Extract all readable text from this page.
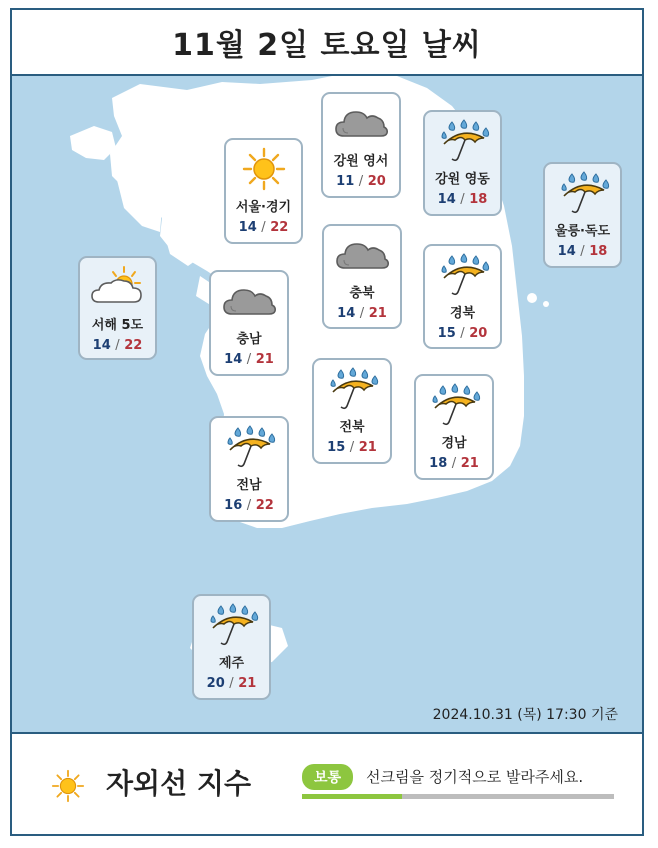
11월 2일 토요일 날씨
서해 5도
14 / 22
서울·경기
14 / 22
강원 영서
11 / 20	강원 영동
14 / 18
울릉·독도
14 / 18
충북
14 / 21	경북
15 / 20
충남
14 / 21
전북
15 / 21	경남
18 / 21
전남
16 / 22
제주
20 / 21
2024.10.31 (목) 17:30 기준
자외선 지수	보통	선크림을 정기적으로 발라주세요.
